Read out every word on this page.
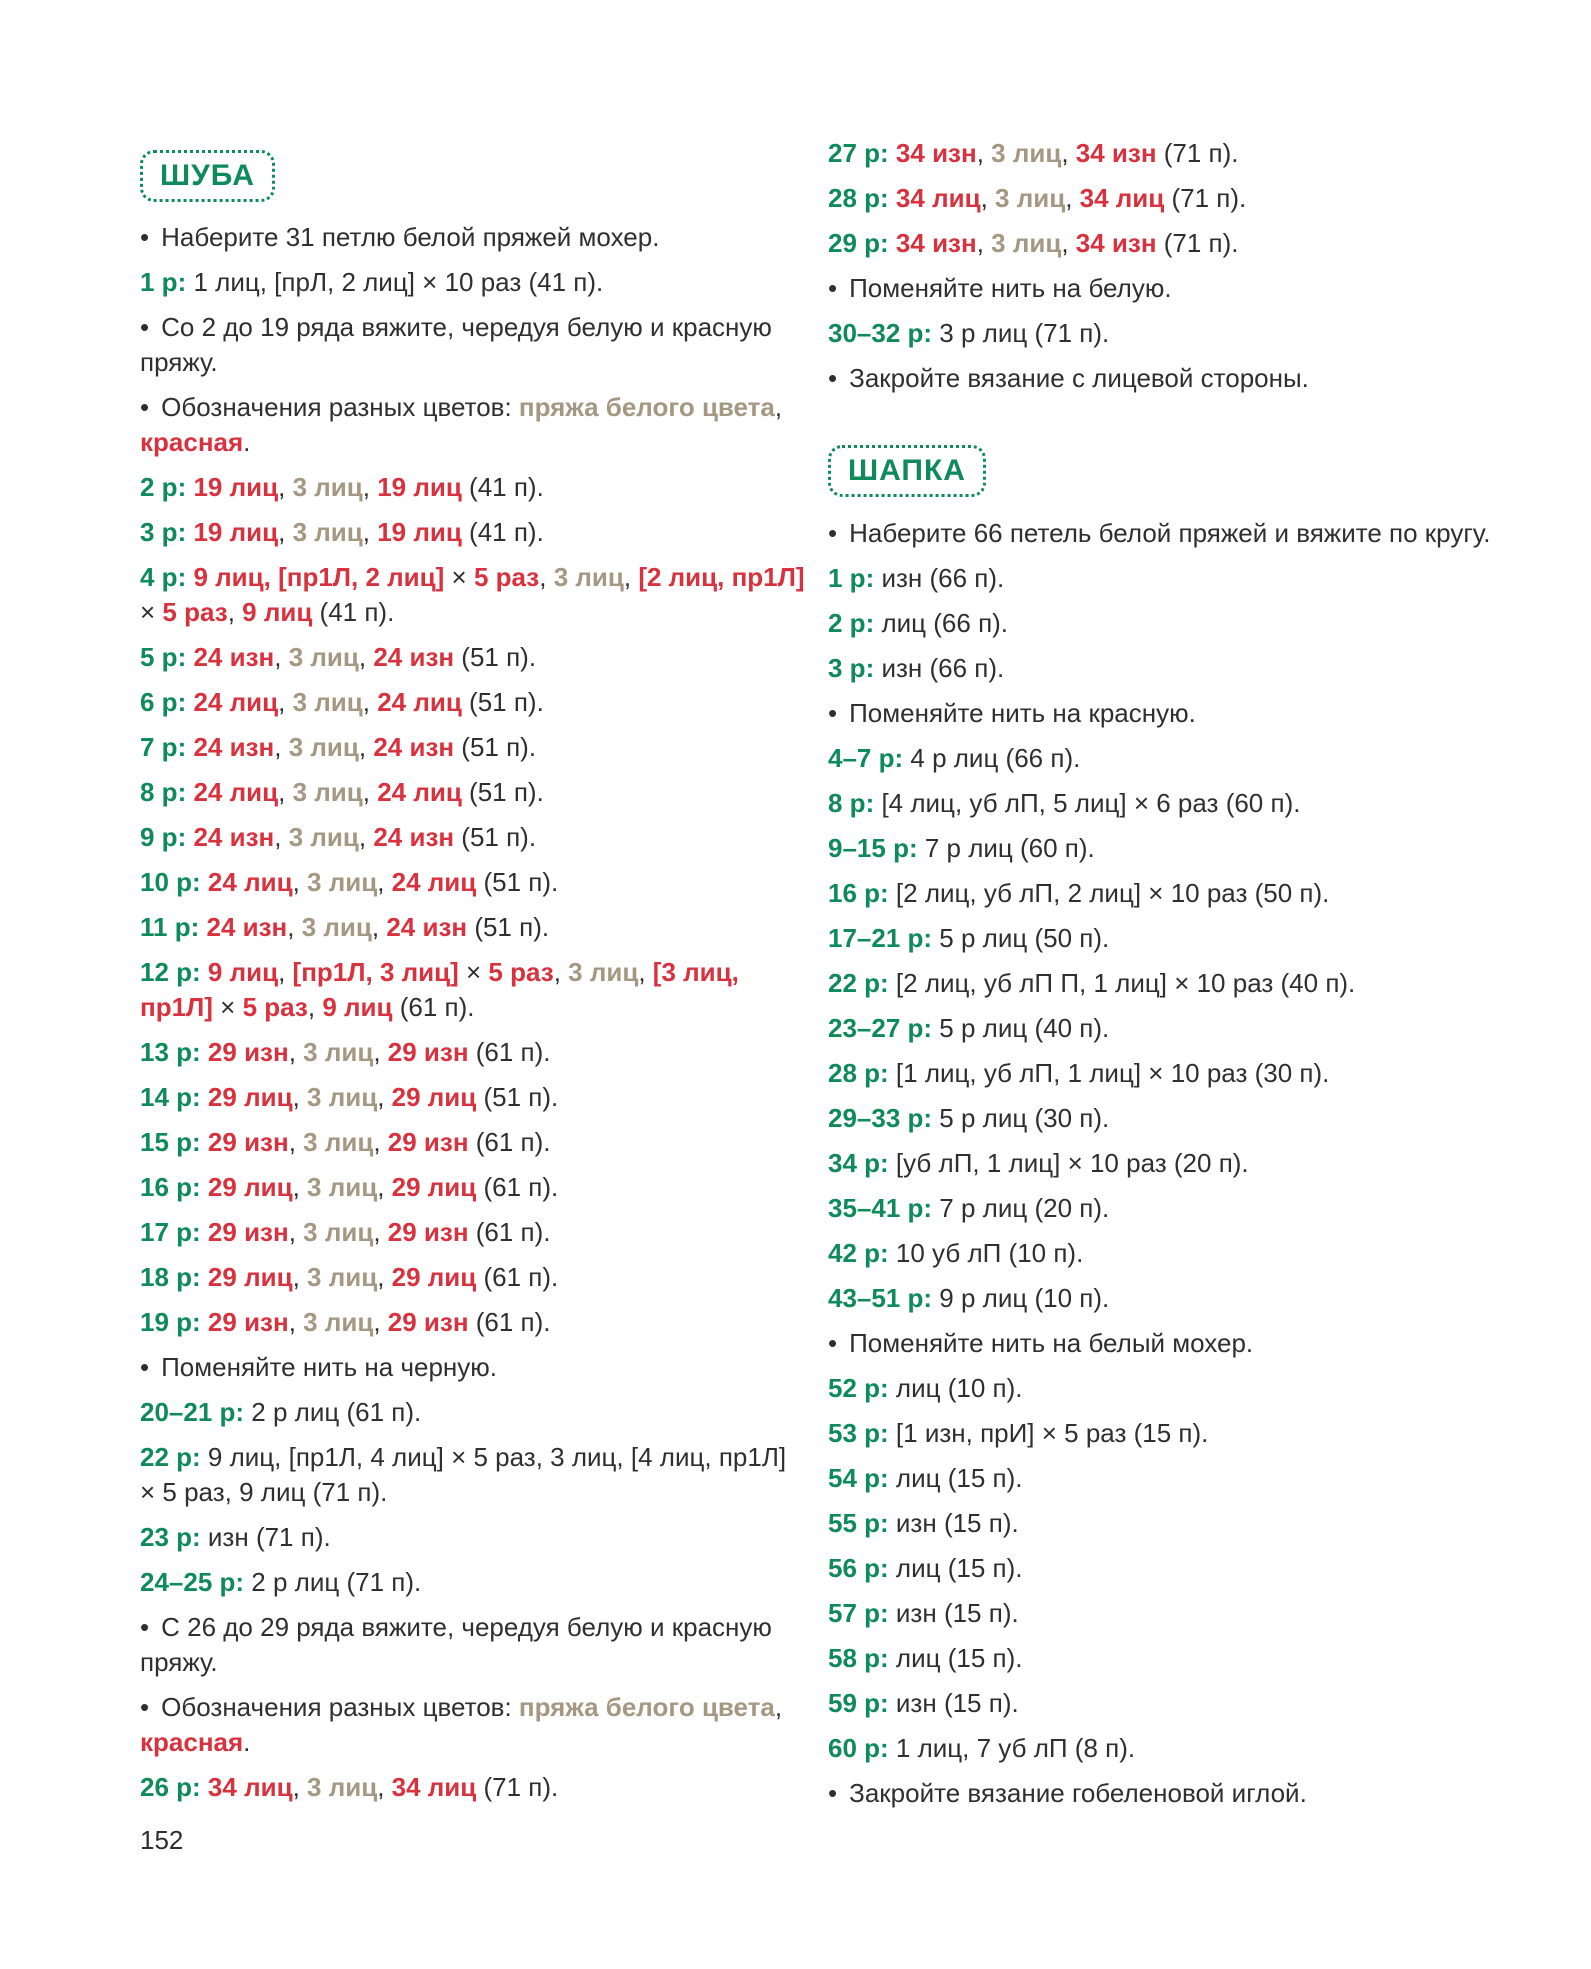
ШУБА
• Наберите 31 петлю белой пряжей мохер.
1 р: 1 лиц, [прЛ, 2 лиц] × 10 раз (41 п).
• Со 2 до 19 ряда вяжите, чередуя белую и красную
пряжу.
• Обозначения разных цветов: пряжа белого цвета,
красная.
2 р: 19 лиц, 3 лиц, 19 лиц (41 п).
3 р: 19 лиц, 3 лиц, 19 лиц (41 п).
4 р: 9 лиц, [пр1Л, 2 лиц] × 5 раз, 3 лиц, [2 лиц, пр1Л]
× 5 раз, 9 лиц (41 п).
5 р: 24 изн, 3 лиц, 24 изн (51 п).
6 р: 24 лиц, 3 лиц, 24 лиц (51 п).
7 р: 24 изн, 3 лиц, 24 изн (51 п).
8 р: 24 лиц, 3 лиц, 24 лиц (51 п).
9 р: 24 изн, 3 лиц, 24 изн (51 п).
10 р: 24 лиц, 3 лиц, 24 лиц (51 п).
11 р: 24 изн, 3 лиц, 24 изн (51 п).
12 р: 9 лиц, [пр1Л, 3 лиц] × 5 раз, 3 лиц, [3 лиц,
пр1Л] × 5 раз, 9 лиц (61 п).
13 р: 29 изн, 3 лиц, 29 изн (61 п).
14 р: 29 лиц, 3 лиц, 29 лиц (51 п).
15 р: 29 изн, 3 лиц, 29 изн (61 п).
16 р: 29 лиц, 3 лиц, 29 лиц (61 п).
17 р: 29 изн, 3 лиц, 29 изн (61 п).
18 р: 29 лиц, 3 лиц, 29 лиц (61 п).
19 р: 29 изн, 3 лиц, 29 изн (61 п).
• Поменяйте нить на черную.
20–21 р: 2 р лиц (61 п).
22 р: 9 лиц, [пр1Л, 4 лиц] × 5 раз, 3 лиц, [4 лиц, пр1Л]
× 5 раз, 9 лиц (71 п).
23 р: изн (71 п).
24–25 р: 2 р лиц (71 п).
• С 26 до 29 ряда вяжите, чередуя белую и красную
пряжу.
• Обозначения разных цветов: пряжа белого цвета,
красная.
26 р: 34 лиц, 3 лиц, 34 лиц (71 п).
27 р: 34 изн, 3 лиц, 34 изн (71 п).
28 р: 34 лиц, 3 лиц, 34 лиц (71 п).
29 р: 34 изн, 3 лиц, 34 изн (71 п).
• Поменяйте нить на белую.
30–32 р: 3 р лиц (71 п).
• Закройте вязание с лицевой стороны.
ШАПКА
• Наберите 66 петель белой пряжей и вяжите по кругу.
1 р: изн (66 п).
2 р: лиц (66 п).
3 р: изн (66 п).
• Поменяйте нить на красную.
4–7 р: 4 р лиц (66 п).
8 р: [4 лиц, уб лП, 5 лиц] × 6 раз (60 п).
9–15 р: 7 р лиц (60 п).
16 р: [2 лиц, уб лП, 2 лиц] × 10 раз (50 п).
17–21 р: 5 р лиц (50 п).
22 р: [2 лиц, уб лП П, 1 лиц] × 10 раз (40 п).
23–27 р: 5 р лиц (40 п).
28 р: [1 лиц, уб лП, 1 лиц] × 10 раз (30 п).
29–33 р: 5 р лиц (30 п).
34 р: [уб лП, 1 лиц] × 10 раз (20 п).
35–41 р: 7 р лиц (20 п).
42 р: 10 уб лП (10 п).
43–51 р: 9 р лиц (10 п).
• Поменяйте нить на белый мохер.
52 р: лиц (10 п).
53 р: [1 изн, прИ] × 5 раз (15 п).
54 р: лиц (15 п).
55 р: изн (15 п).
56 р: лиц (15 п).
57 р: изн (15 п).
58 р: лиц (15 п).
59 р: изн (15 п).
60 р: 1 лиц, 7 уб лП (8 п).
• Закройте вязание гобеленовой иглой.
152
